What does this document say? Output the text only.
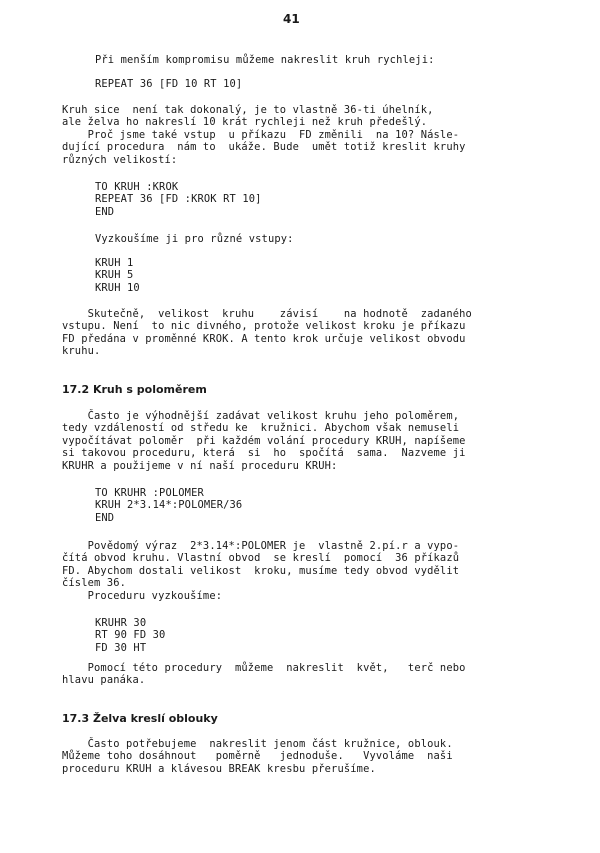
41
Při menším kompromisu můžeme nakreslit kruh rychleji:
REPEAT 36 [FD 10 RT 10]
Kruh sice  není tak dokonalý, je to vlastně 36-ti úhelník,
ale želva ho nakreslí 10 krát rychleji než kruh předešlý.
Proč jsme také vstup  u příkazu  FD změnili  na 10? Násle-
dující procedura  nám to  ukáže. Bude  umět totiž kreslit kruhy
různých velikostí:
TO KRUH :KROK
REPEAT 36 [FD :KROK RT 10]
END
Vyzkoušíme ji pro různé vstupy:
KRUH 1
KRUH 5
KRUH 10
Skutečně,  velikost  kruhu    závisí    na hodnotě  zadaného
vstupu. Není  to nic divného, protože velikost kroku je příkazu
FD předána v proměnné KROK. A tento krok určuje velikost obvodu
kruhu.
17.2 Kruh s poloměrem
Často je výhodnější zadávat velikost kruhu jeho poloměrem,
tedy vzdáleností od středu ke  kružnici. Abychom však nemuseli
vypočítávat poloměr  při každém volání procedury KRUH, napíšeme
si takovou proceduru, která  si  ho  spočítá  sama.  Nazveme ji
KRUHR a použijeme v ní naší proceduru KRUH:
TO KRUHR :POLOMER
KRUH 2*3.14*:POLOMER/36
END
Povědomý výraz  2*3.14*:POLOMER je  vlastně 2.pí.r a vypo-
čítá obvod kruhu. Vlastní obvod  se kreslí  pomocí  36 příkazů
FD. Abychom dostali velikost  kroku, musíme tedy obvod vydělit
číslem 36.
Proceduru vyzkoušíme:
KRUHR 30
RT 90 FD 30
FD 30 HT
Pomocí této procedury  můžeme  nakreslit  květ,   terč nebo
hlavu panáka.
17.3 Želva kreslí oblouky
Často potřebujeme  nakreslit jenom část kružnice, oblouk.
Můžeme toho dosáhnout   poměrně   jednoduše.   Vyvoláme  naši
proceduru KRUH a klávesou BREAK kresbu přerušíme.
